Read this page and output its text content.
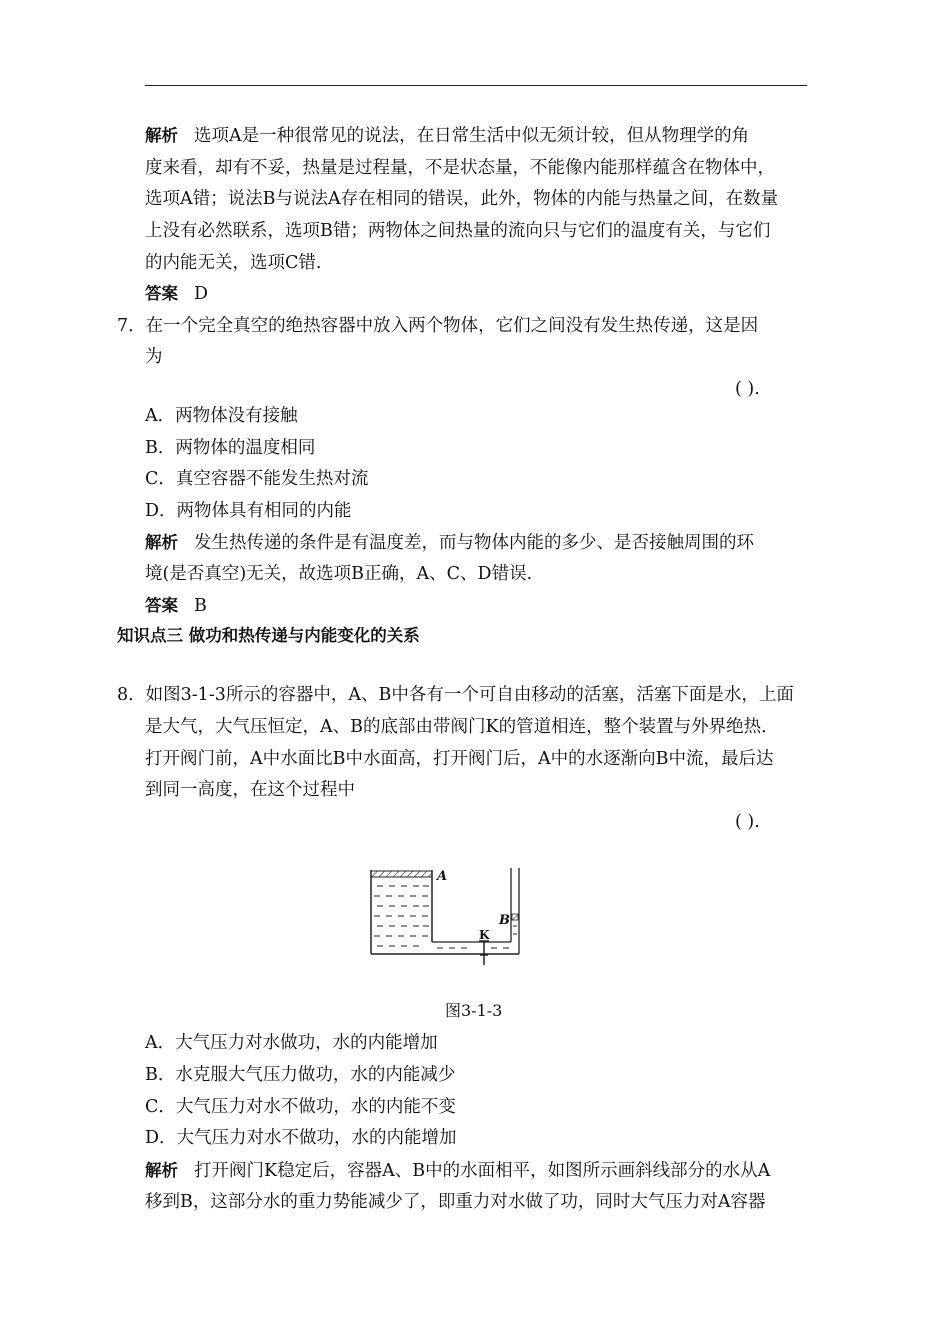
解析 选项A是一种很常见的说法，在日常生活中似无须计较，但从物理学的角
度来看，却有不妥，热量是过程量，不是状态量，不能像内能那样蕴含在物体中，
选项A错；说法B与说法A存在相同的错误，此外，物体的内能与热量之间，在数量
上没有必然联系，选项B错；两物体之间热量的流向只与它们的温度有关，与它们
的内能无关，选项C错.
答案 D
7．在一个完全真空的绝热容器中放入两个物体，它们之间没有发生热传递，这是因
为
( ).
A．两物体没有接触
B．两物体的温度相同
C．真空容器不能发生热对流
D．两物体具有相同的内能
解析 发生热传递的条件是有温度差，而与物体内能的多少、是否接触周围的环
境(是否真空)无关，故选项B正确，A、C、D错误.
答案 B
知识点三 做功和热传递与内能变化的关系
8．如图3-1-3所示的容器中，A、B中各有一个可自由移动的活塞，活塞下面是水，上面
是大气，大气压恒定，A、B的底部由带阀门K的管道相连，整个装置与外界绝热．
打开阀门前，A中水面比B中水面高，打开阀门后，A中的水逐渐向B中流，最后达
到同一高度，在这个过程中
( ).
A
B
K
图3-1-3
A．大气压力对水做功，水的内能增加
B．水克服大气压力做功，水的内能减少
C．大气压力对水不做功，水的内能不变
D．大气压力对水不做功，水的内能增加
解析 打开阀门K稳定后，容器A、B中的水面相平，如图所示画斜线部分的水从A
移到B，这部分水的重力势能减少了，即重力对水做了功，同时大气压力对A容器
